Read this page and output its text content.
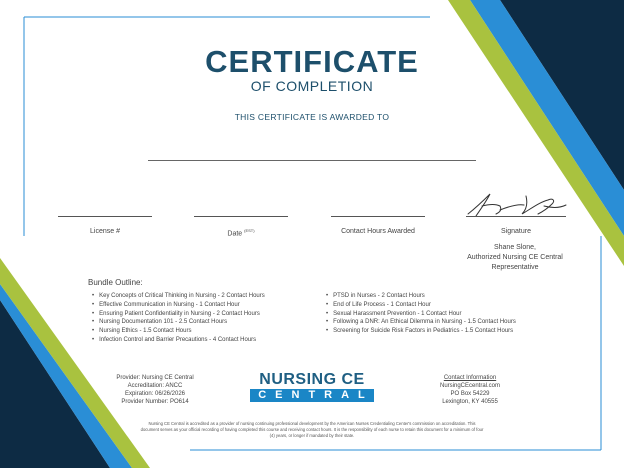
CERTIFICATE
OF COMPLETION
THIS CERTIFICATE IS AWARDED TO
License #	Date $^{(EST)}$	Contact Hours Awarded	Signature
Shane Slone,
Authorized Nursing CE Central
Representative
Bundle Outline:
• Key Concepts of Critical Thinking in Nursing - 2 Contact Hours
• Effective Communication in Nursing - 1 Contact Hour
• Ensuring Patient Confidentiality in Nursing - 2 Contact Hours
• Nursing Documentation 101 - 2.5 Contact Hours
• Nursing Ethics - 1.5 Contact Hours
• Infection Control and Barrier Precautions - 4 Contact Hours
• PTSD in Nurses - 2 Contact Hours
• End of Life Process - 1 Contact Hour
• Sexual Harassment Prevention - 1 Contact Hour
• Following a DNR: An Ethical Dilemma in Nursing - 1.5 Contact Hours
• Screening for Suicide Risk Factors in Pediatrics - 1.5 Contact Hours
Provider: Nursing CE Central
Accreditation: ANCC
Expiration: 06/26/2026
Provider Number: PO614
NURSING CE
CENTRAL
Contact Information
NursingCEcentral.com
PO Box 54229
Lexington, KY 40555
Nursing CE Central is accredited as a provider of nursing continuing professional development by the American Nurses Credentialing Center's commission on accreditation. This document serves as your official recording of having completed this course and receiving contact hours. It is the responsibility of each nurse to retain this document for a minimum of four (4) years, or longer if mandated by their state.
